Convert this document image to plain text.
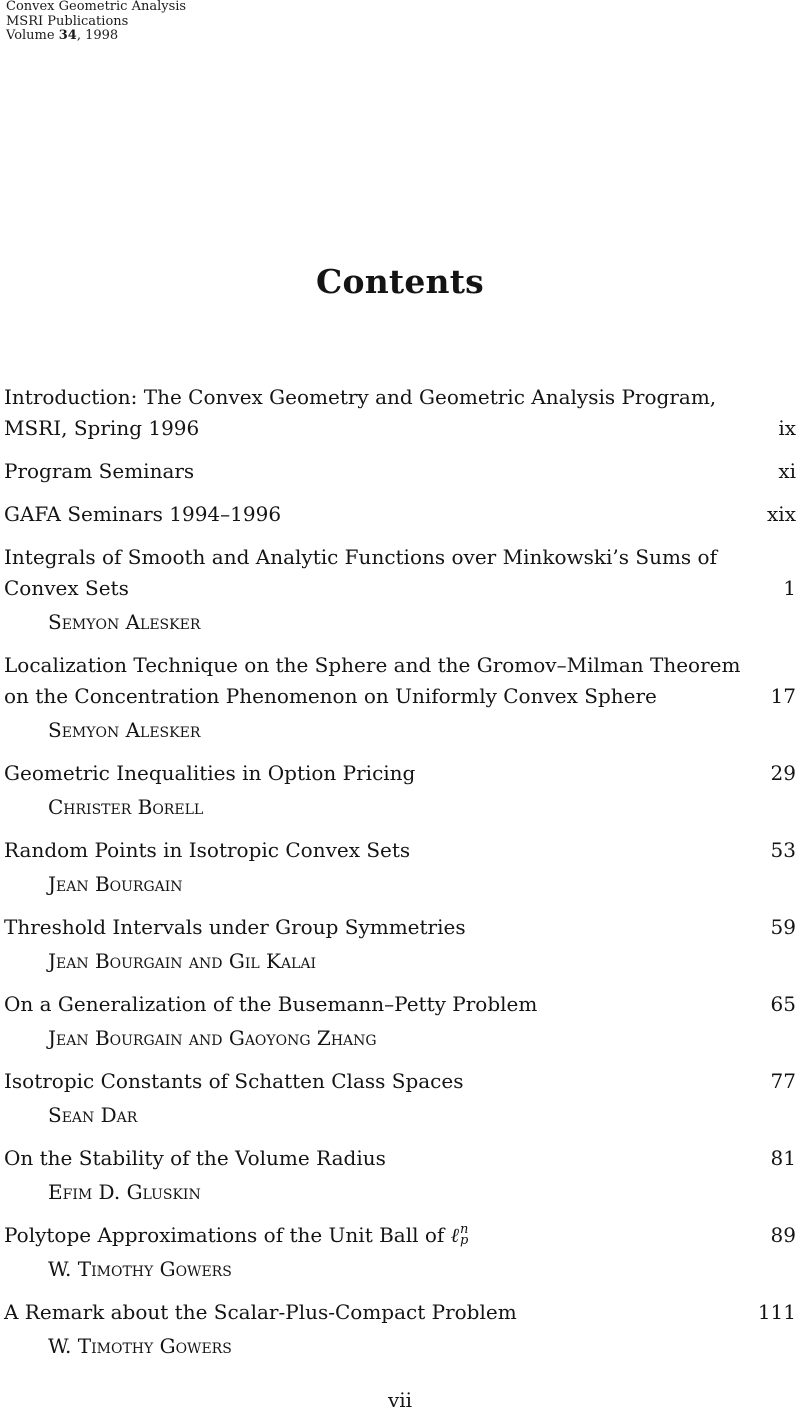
Convex Geometric Analysis
MSRI Publications
Volume 34, 1998
Contents
Introduction: The Convex Geometry and Geometric Analysis Program,
MSRI, Spring 1996	ix
Program Seminars	xi
GAFA Seminars 1994–1996	xix
Integrals of Smooth and Analytic Functions over Minkowski’s Sums of
Convex Sets	1
Semyon Alesker
Localization Technique on the Sphere and the Gromov–Milman Theorem
on the Concentration Phenomenon on Uniformly Convex Sphere	17
Semyon Alesker
Geometric Inequalities in Option Pricing	29
Christer Borell
Random Points in Isotropic Convex Sets	53
Jean Bourgain
Threshold Intervals under Group Symmetries	59
Jean Bourgain and Gil Kalai
On a Generalization of the Busemann–Petty Problem	65
Jean Bourgain and Gaoyong Zhang
Isotropic Constants of Schatten Class Spaces	77
Sean Dar
On the Stability of the Volume Radius	81
Efim D. Gluskin
Polytope Approximations of the Unit Ball of ℓ n
p	89
W. Timothy Gowers
A Remark about the Scalar-Plus-Compact Problem	111
W. Timothy Gowers
vii
